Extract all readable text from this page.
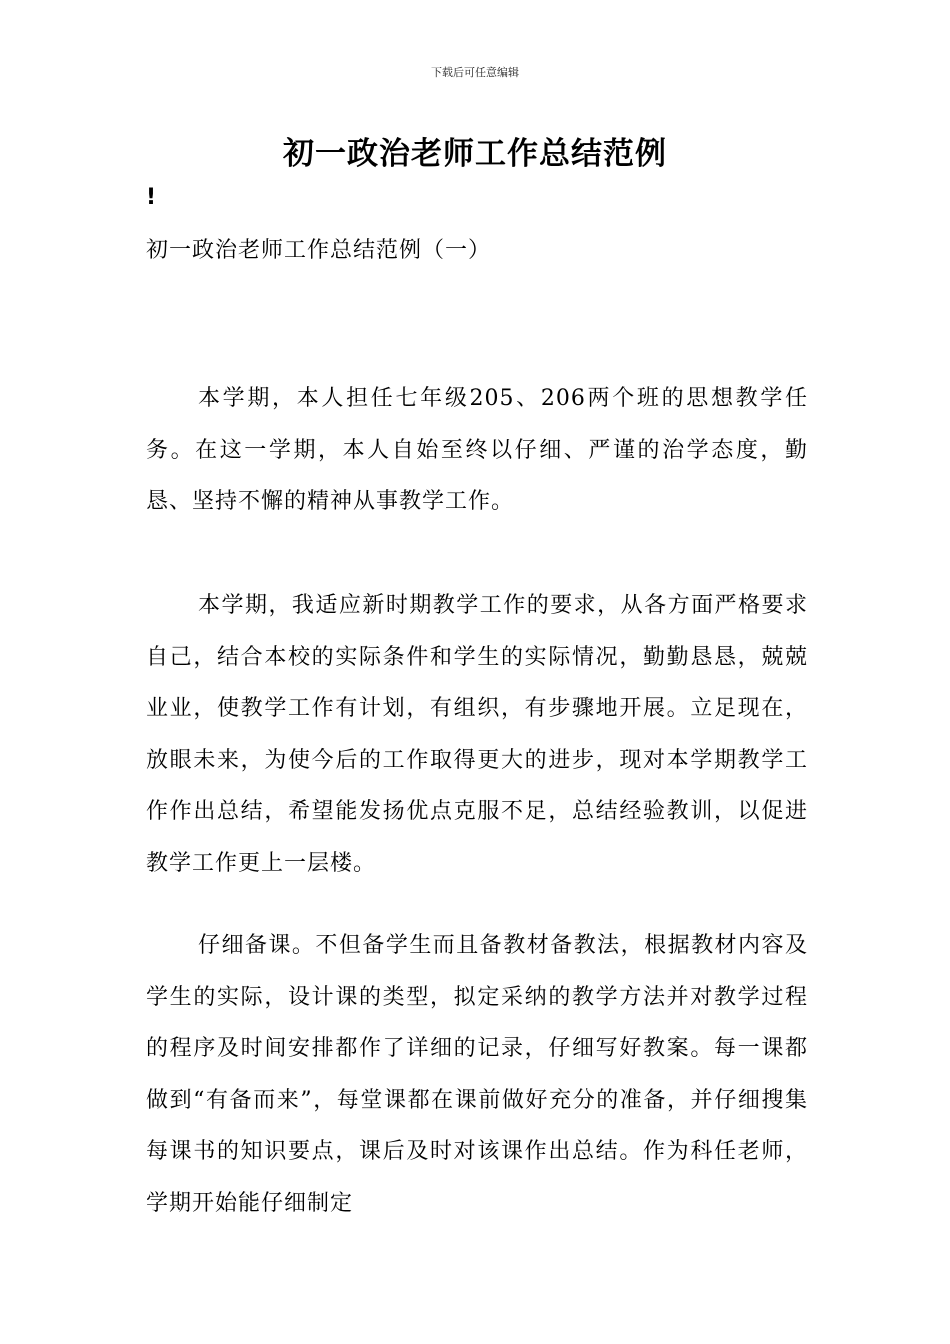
下载后可任意编辑
初一政治老师工作总结范例
!
初一政治老师工作总结范例（一）

本学期，本人担任七年级205、206两个班的思想教学任务。在这一学期，本人自始至终以仔细、严谨的治学态度，勤恳、坚持不懈的精神从事教学工作。

本学期，我适应新时期教学工作的要求，从各方面严格要求自己，结合本校的实际条件和学生的实际情况，勤勤恳恳，兢兢业业，使教学工作有计划，有组织，有步骤地开展。立足现在，放眼未来，为使今后的工作取得更大的进步，现对本学期教学工作作出总结，希望能发扬优点克服不足，总结经验教训，以促进教学工作更上一层楼。

仔细备课。不但备学生而且备教材备教法，根据教材内容及学生的实际，设计课的类型，拟定采纳的教学方法并对教学过程的程序及时间安排都作了详细的记录，仔细写好教案。每一课都做到“有备而来”，每堂课都在课前做好充分的准备，并仔细搜集每课书的知识要点，课后及时对该课作出总结。作为科任老师，学期开始能仔细制定
